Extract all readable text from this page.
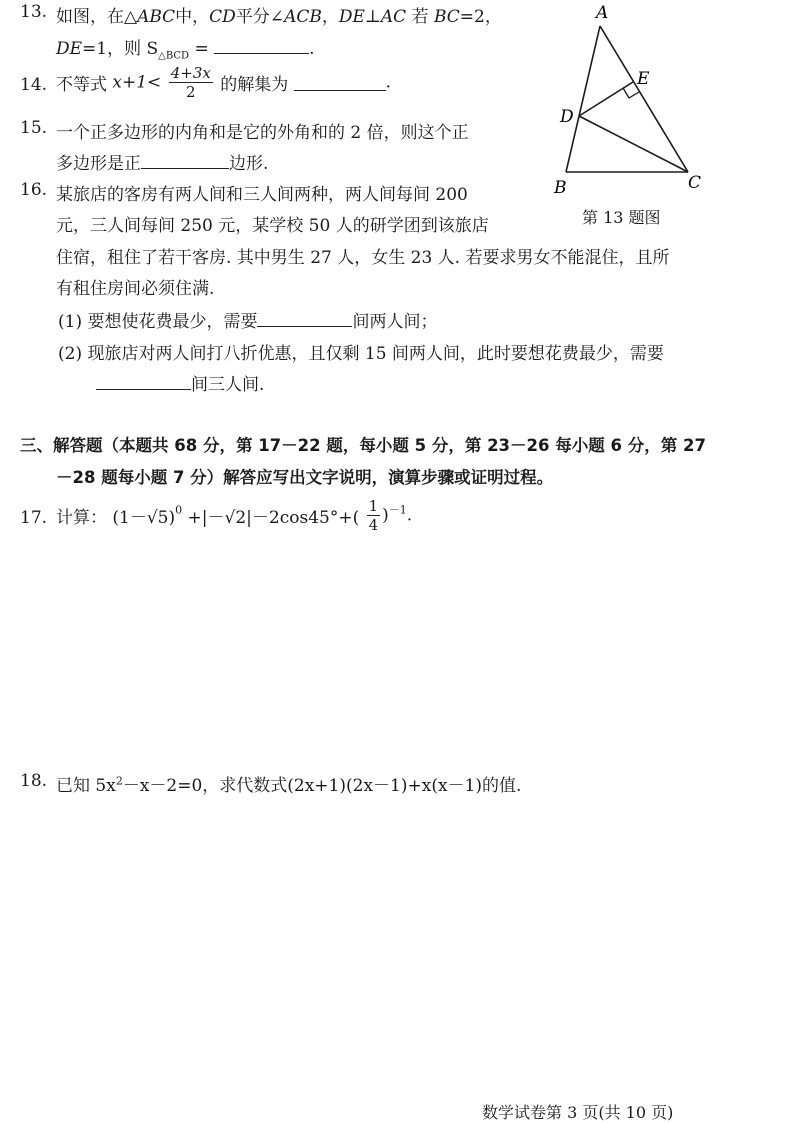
13. 如图，在△ABC中，CD平分∠ACB，DE⊥AC 若 BC=2，
DE=1，则 $S_{\triangle BCD}$ =	.
14. 不等式 $x+1< \frac{4+3x}{2}$ 的解集为	.
15. 一个正多边形的内角和是它的外角和的 2 倍，则这个正
多边形是正	边形.
16. 某旅店的客房有两人间和三人间两种，两人间每间 200
元，三人间每间 250 元，某学校 50 人的研学团到该旅店
住宿，租住了若干客房. 其中男生 27 人，女生 23 人. 若要求男女不能混住，且所
有租住房间必须住满.
(1) 要想使花费最少，需要	间两人间；
(2) 现旅店对两人间打八折优惠，且仅剩 15 间两人间，此时要想花费最少，需要
间三人间.
A
B	C
D
E
第 13 题图
三、解答题（本题共 68 分，第 17－22 题，每小题 5 分，第 23－26 每小题 6 分，第 27
－28 题每小题 7 分）解答应写出文字说明，演算步骤或证明过程。
17. 计算： $(1-√5)^0 +|-√2|-2\cos 45^\circ+( \frac{1}{4} )^{-1}$.
18. 已知 $5x^2-x-2=0$，求代数式(2x+1)(2x－1)+x(x－1)的值.
数学试卷第 3 页(共 10 页)
